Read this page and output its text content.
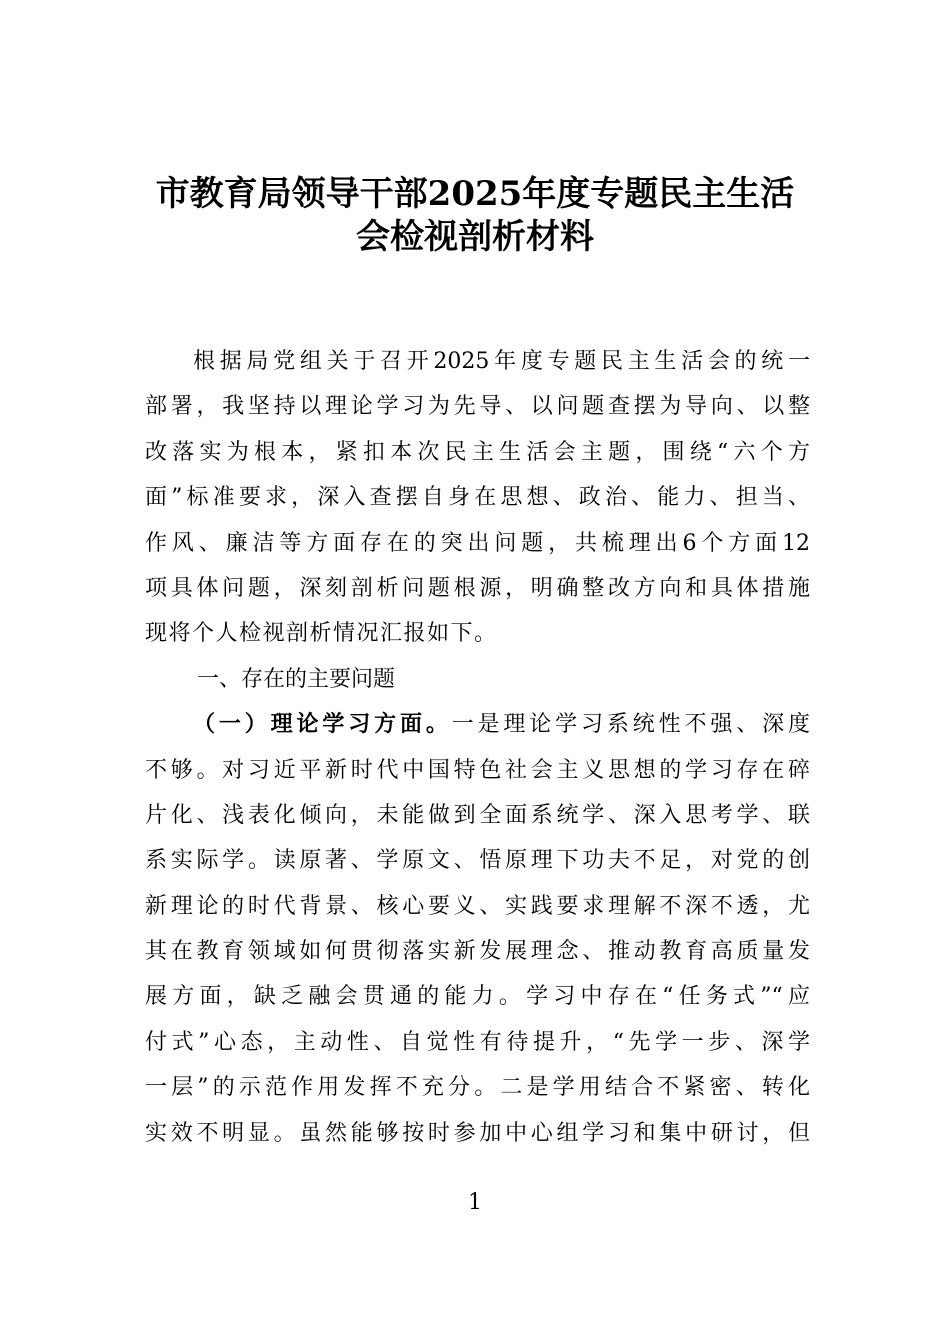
市教育局领导干部2025年度专题民主生活
会检视剖析材料
根据局党组关于召开2025年度专题民主生活会的统一
部署，我坚持以理论学习为先导、以问题查摆为导向、以整
改落实为根本，紧扣本次民主生活会主题，围绕“六个方
面”标准要求，深入查摆自身在思想、政治、能力、担当、
作风、廉洁等方面存在的突出问题，共梳理出6个方面12
项具体问题，深刻剖析问题根源，明确整改方向和具体措施
现将个人检视剖析情况汇报如下。
一、存在的主要问题
（一）理论学习方面。一是理论学习系统性不强、深度
不够。对习近平新时代中国特色社会主义思想的学习存在碎
片化、浅表化倾向，未能做到全面系统学、深入思考学、联
系实际学。读原著、学原文、悟原理下功夫不足，对党的创
新理论的时代背景、核心要义、实践要求理解不深不透，尤
其在教育领域如何贯彻落实新发展理念、推动教育高质量发
展方面，缺乏融会贯通的能力。学习中存在“任务式”“应
付式”心态，主动性、自觉性有待提升，“先学一步、深学
一层”的示范作用发挥不充分。二是学用结合不紧密、转化
实效不明显。虽然能够按时参加中心组学习和集中研讨，但
1
